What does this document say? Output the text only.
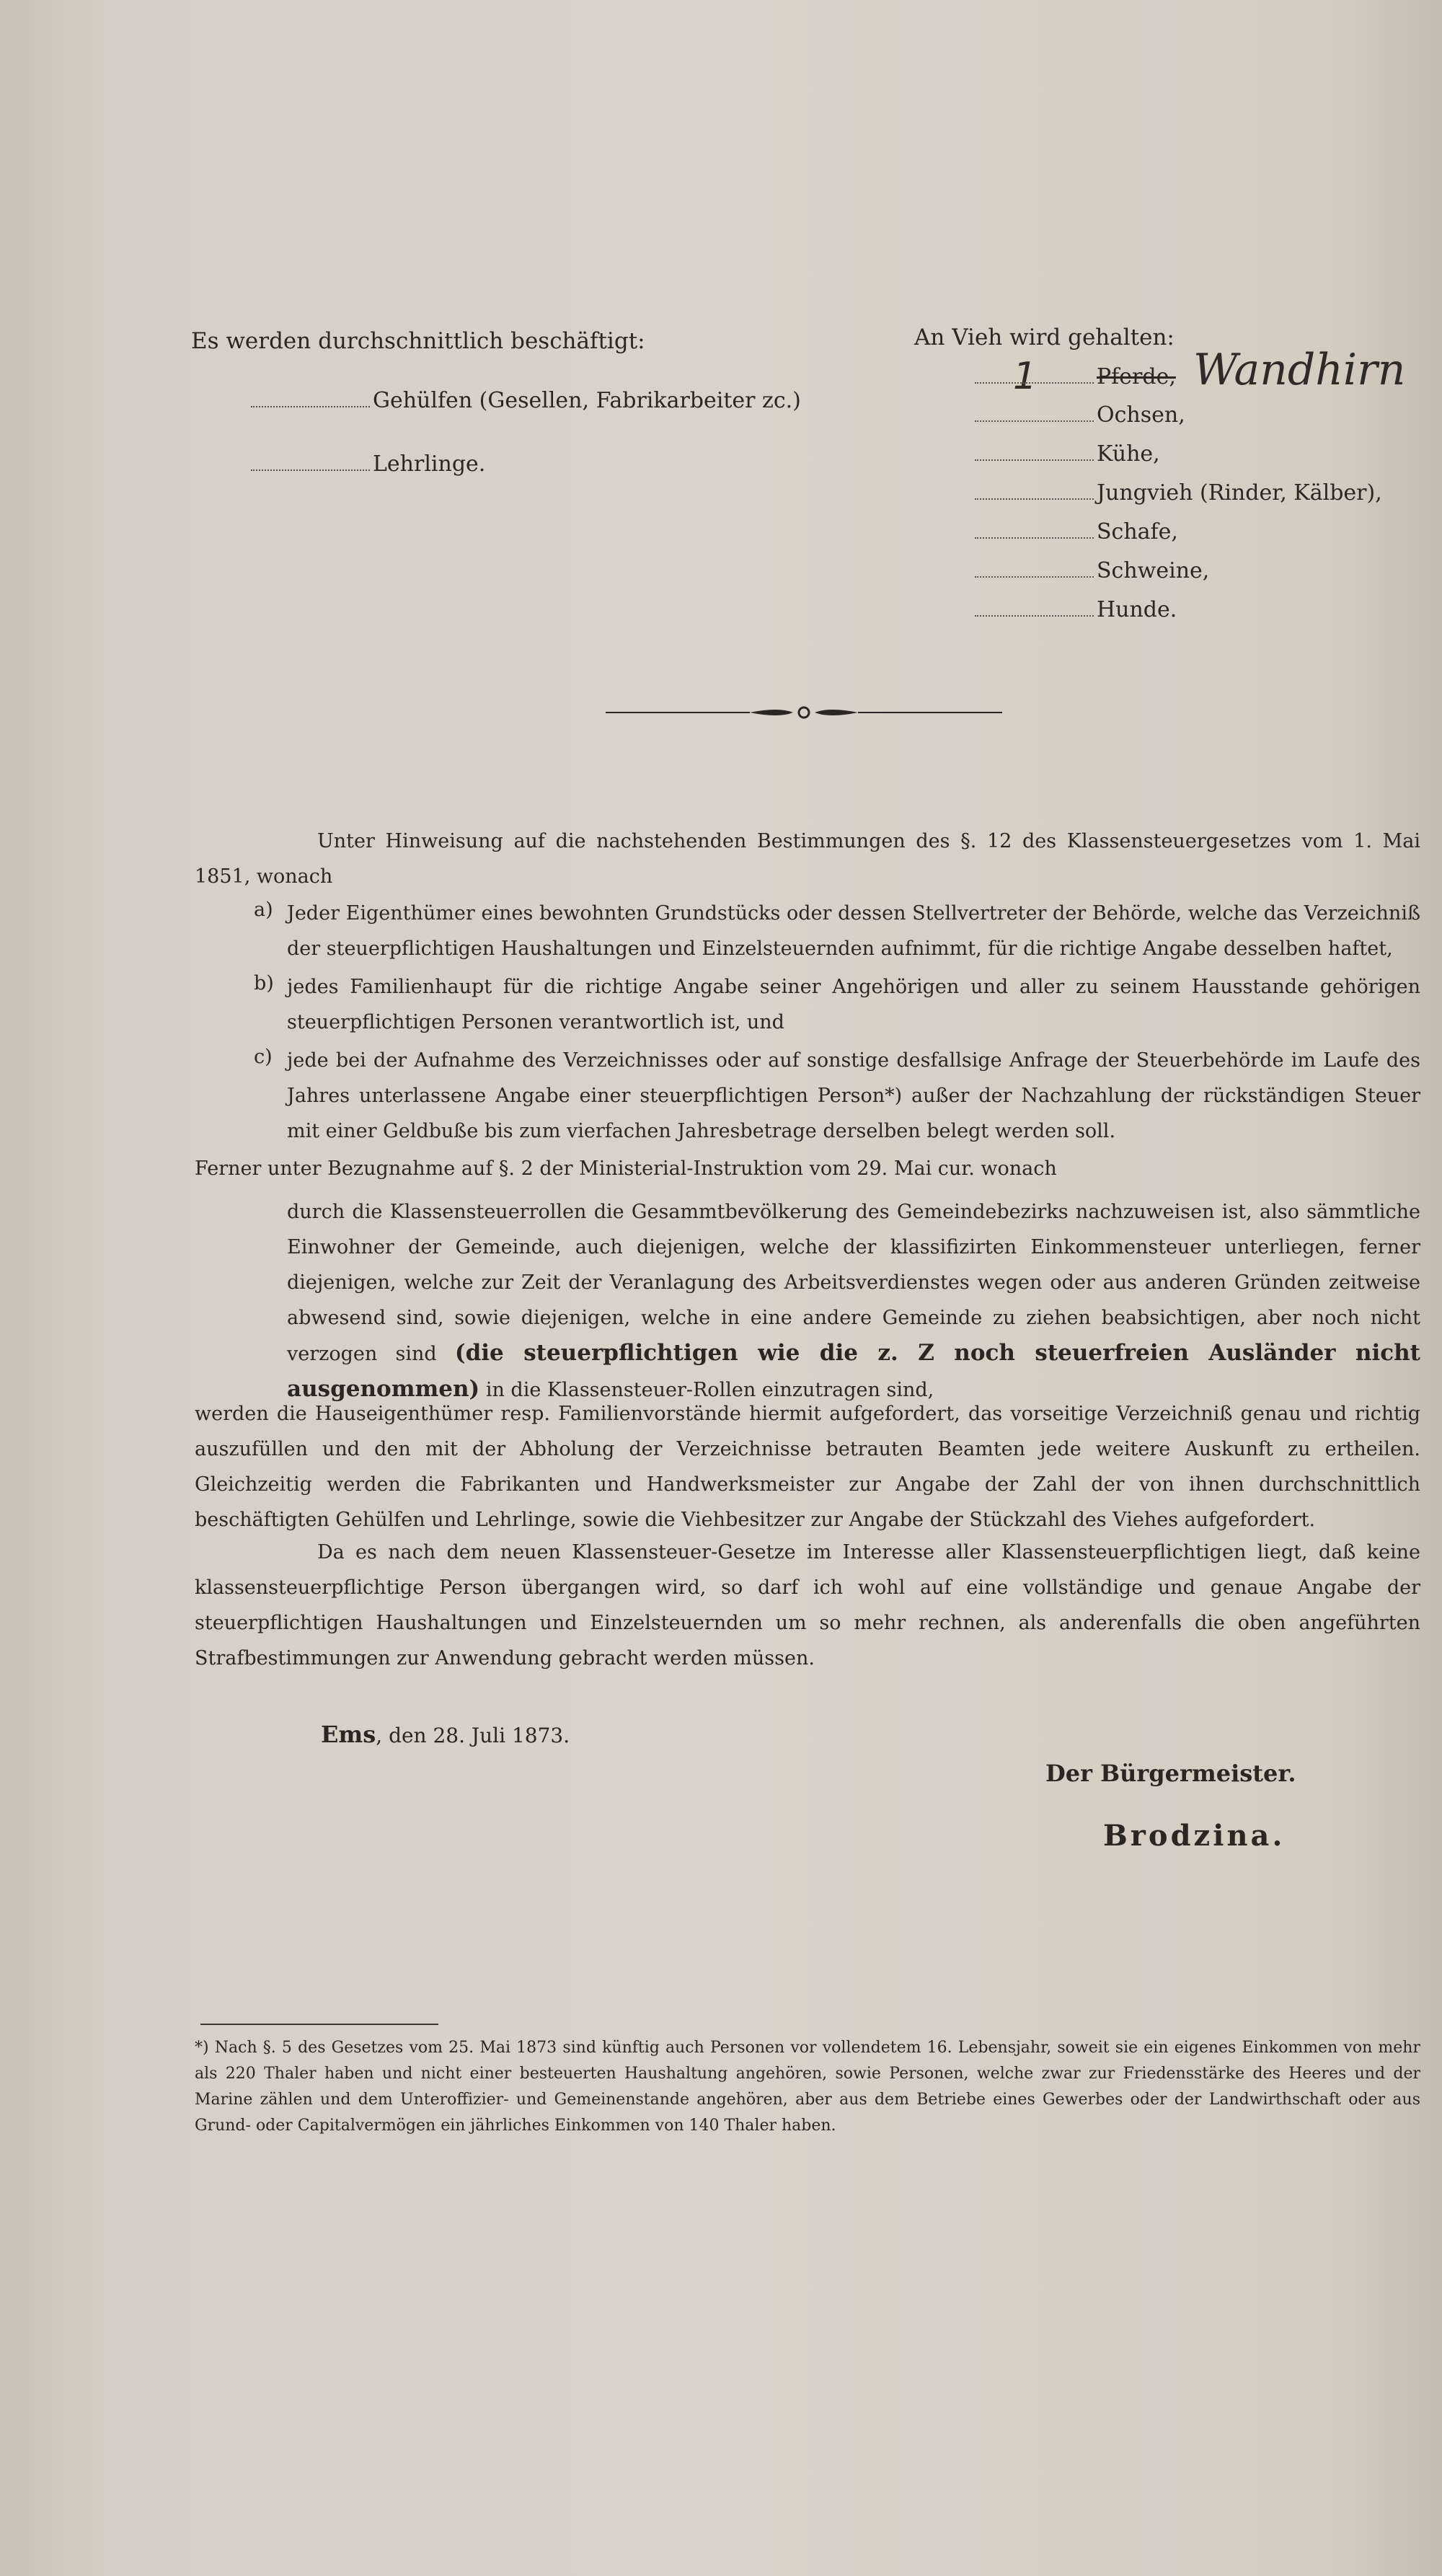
Es werden durchschnittlich beschäftigt:
Gehülfen (Gesellen, Fabrikarbeiter zc.)
Lehrlinge.
An Vieh wird gehalten:
1	Pferde, Wandhirn
Ochsen,
Kühe,
Jungvieh (Rinder, Kälber),
Schafe,
Schweine,
Hunde.
Unter Hinweisung auf die nachstehenden Bestimmungen des §. 12 des Klassensteuergesetzes vom 1. Mai 1851, wonach
a) Jeder Eigenthümer eines bewohnten Grundstücks oder dessen Stellvertreter der Behörde, welche das Verzeichniß der steuerpflichtigen Haushaltungen und Einzelsteuernden aufnimmt, für die richtige Angabe desselben haftet,
b) jedes Familienhaupt für die richtige Angabe seiner Angehörigen und aller zu seinem Hausstande gehörigen steuerpflichtigen Personen verantwortlich ist, und
c) jede bei der Aufnahme des Verzeichnisses oder auf sonstige desfallsige Anfrage der Steuerbehörde im Laufe des Jahres unterlassene Angabe einer steuerpflichtigen Person*) außer der Nachzahlung der rückständigen Steuer mit einer Geldbuße bis zum vierfachen Jahresbetrage derselben belegt werden soll.
Ferner unter Bezugnahme auf §. 2 der Ministerial-Instruktion vom 29. Mai cur. wonach
durch die Klassensteuerrollen die Gesammtbevölkerung des Gemeindebezirks nachzuweisen ist, also sämmtliche Einwohner der Gemeinde, auch diejenigen, welche der klassifizirten Einkommensteuer unterliegen, ferner diejenigen, welche zur Zeit der Veranlagung des Arbeitsverdienstes wegen oder aus anderen Gründen zeitweise abwesend sind, sowie diejenigen, welche in eine andere Gemeinde zu ziehen beabsichtigen, aber noch nicht verzogen sind (die steuerpflichtigen wie die z. Z noch steuerfreien Ausländer nicht ausgenommen) in die Klassensteuer-Rollen einzutragen sind,
werden die Hauseigenthümer resp. Familienvorstände hiermit aufgefordert, das vorseitige Verzeichniß genau und richtig auszufüllen und den mit der Abholung der Verzeichnisse betrauten Beamten jede weitere Auskunft zu ertheilen. Gleichzeitig werden die Fabrikanten und Handwerksmeister zur Angabe der Zahl der von ihnen durchschnittlich beschäftigten Gehülfen und Lehrlinge, sowie die Viehbesitzer zur Angabe der Stückzahl des Viehes aufgefordert.
Da es nach dem neuen Klassensteuer-Gesetze im Interesse aller Klassensteuerpflichtigen liegt, daß keine klassensteuerpflichtige Person übergangen wird, so darf ich wohl auf eine vollständige und genaue Angabe der steuerpflichtigen Haushaltungen und Einzelsteuernden um so mehr rechnen, als anderenfalls die oben angeführten Strafbestimmungen zur Anwendung gebracht werden müssen.
Ems, den 28. Juli 1873.
Der Bürgermeister.
Brodzina.
*) Nach §. 5 des Gesetzes vom 25. Mai 1873 sind künftig auch Personen vor vollendetem 16. Lebensjahr, soweit sie ein eigenes Einkommen von mehr als 220 Thaler haben und nicht einer besteuerten Haushaltung angehören, sowie Personen, welche zwar zur Friedensstärke des Heeres und der Marine zählen und dem Unteroffizier- und Gemeinenstande angehören, aber aus dem Betriebe eines Gewerbes oder der Landwirthschaft oder aus Grund- oder Capitalvermögen ein jährliches Einkommen von 140 Thaler haben.
